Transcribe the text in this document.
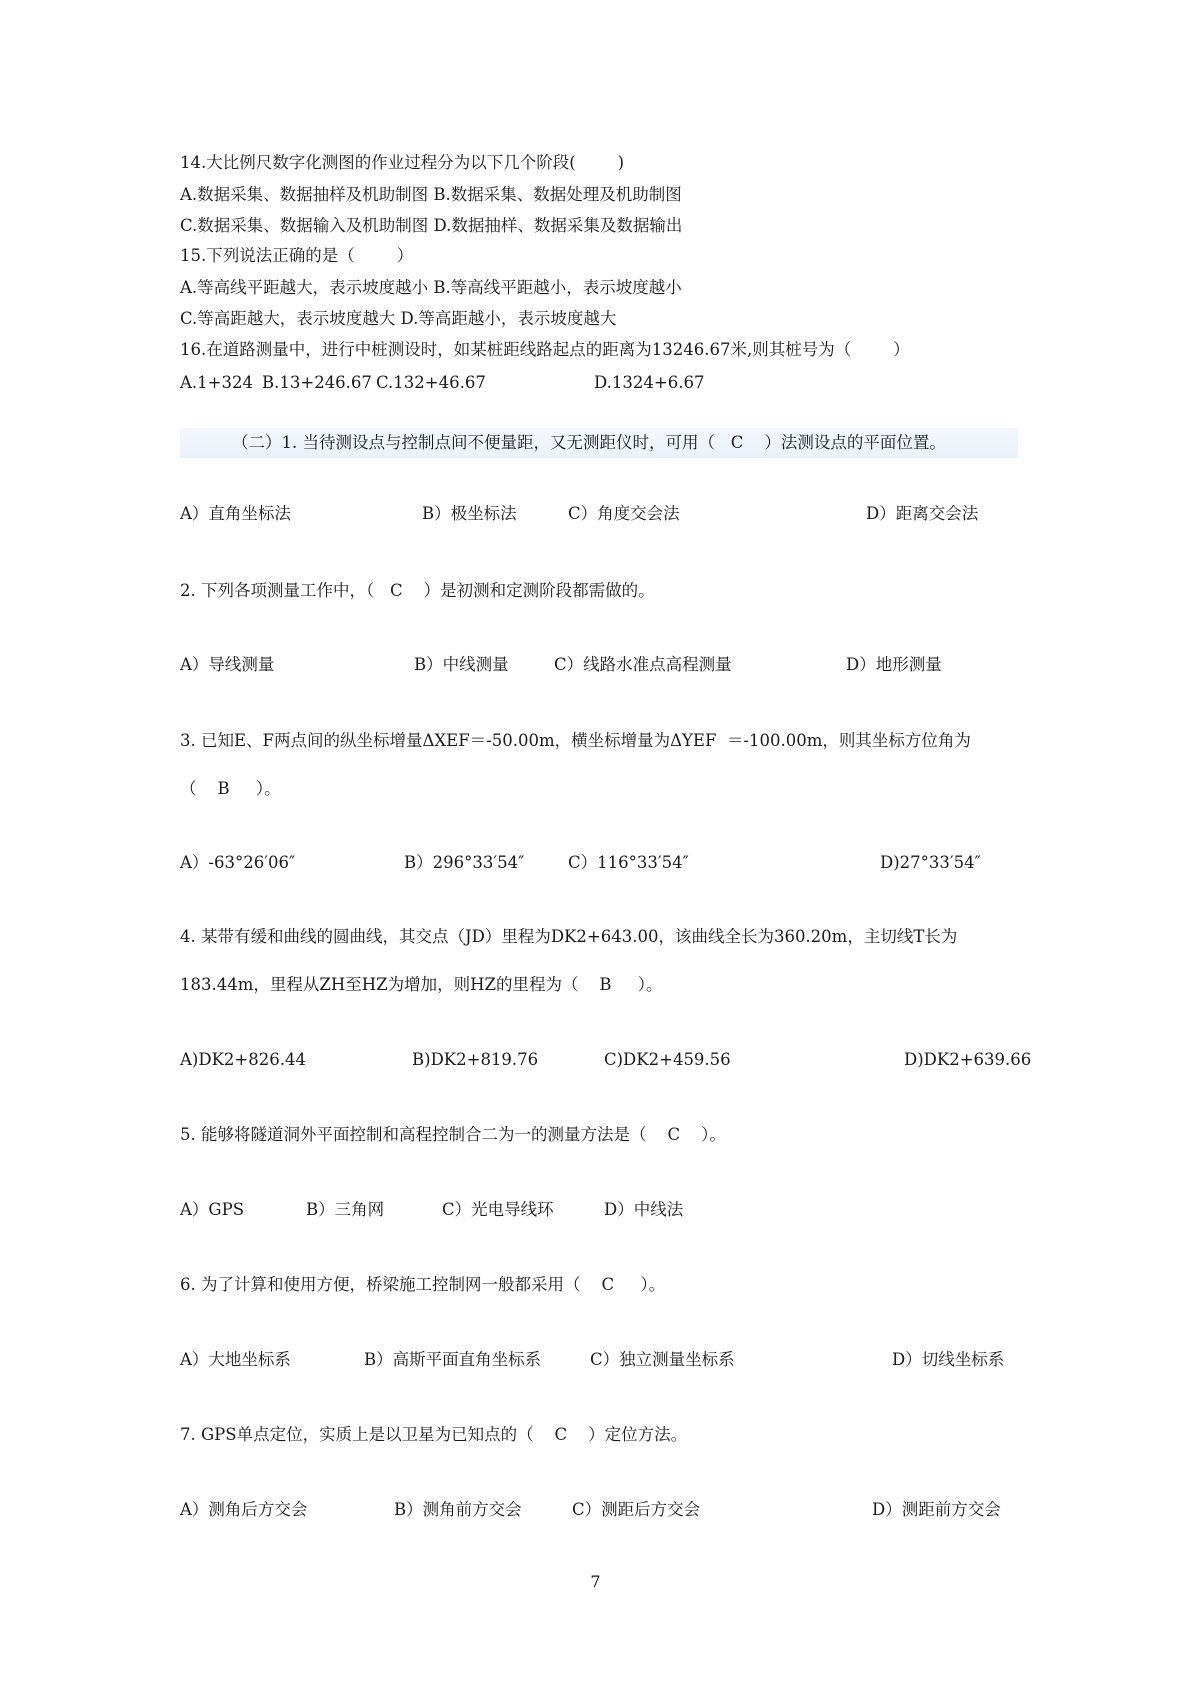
14.大比例尺数字化测图的作业过程分为以下几个阶段(        )
A.数据采集、数据抽样及机助制图 B.数据采集、数据处理及机助制图
C.数据采集、数据输入及机助制图 D.数据抽样、数据采集及数据输出
15.下列说法正确的是（        ）
A.等高线平距越大，表示坡度越小 B.等高线平距越小，表示坡度越小
C.等高距越大，表示坡度越大 D.等高距越小，表示坡度越大
16.在道路测量中，进行中桩测设时，如某桩距线路起点的距离为13246.67米,则其桩号为（        ）
A.1+324 B.13+246.67 C.132+46.67	D.1324+6.67
（二）1. 当待测设点与控制点间不便量距，又无测距仪时，可用（   C    ）法测设点的平面位置。
A）直角坐标法	B）极坐标法	C）角度交会法	D）距离交会法
2. 下列各项测量工作中，（   C    ）是初测和定测阶段都需做的。
A）导线测量	B）中线测量	C）线路水准点高程测量	D）地形测量
3. 已知E、F两点间的纵坐标增量ΔXEF＝-50.00m，横坐标增量为ΔYEF  ＝-100.00m，则其坐标方位角为
（    B     ）。
A）-63°26′06″	B）296°33′54″	C）116°33′54″	D)27°33′54″
4. 某带有缓和曲线的圆曲线，其交点（JD）里程为DK2+643.00，该曲线全长为360.20m，主切线T长为
183.44m，里程从ZH至HZ为增加，则HZ的里程为（    B     ）。
A)DK2+826.44	B)DK2+819.76	C)DK2+459.56	D)DK2+639.66
5. 能够将隧道洞外平面控制和高程控制合二为一的测量方法是（    C    ）。
A）GPS	B）三角网	C）光电导线环	D）中线法
6. 为了计算和使用方便，桥梁施工控制网一般都采用（    C     ）。
A）大地坐标系	B）高斯平面直角坐标系	C）独立测量坐标系	D）切线坐标系
7. GPS单点定位，实质上是以卫星为已知点的（    C    ）定位方法。
A）测角后方交会	B）测角前方交会	C）测距后方交会	D）测距前方交会
7
